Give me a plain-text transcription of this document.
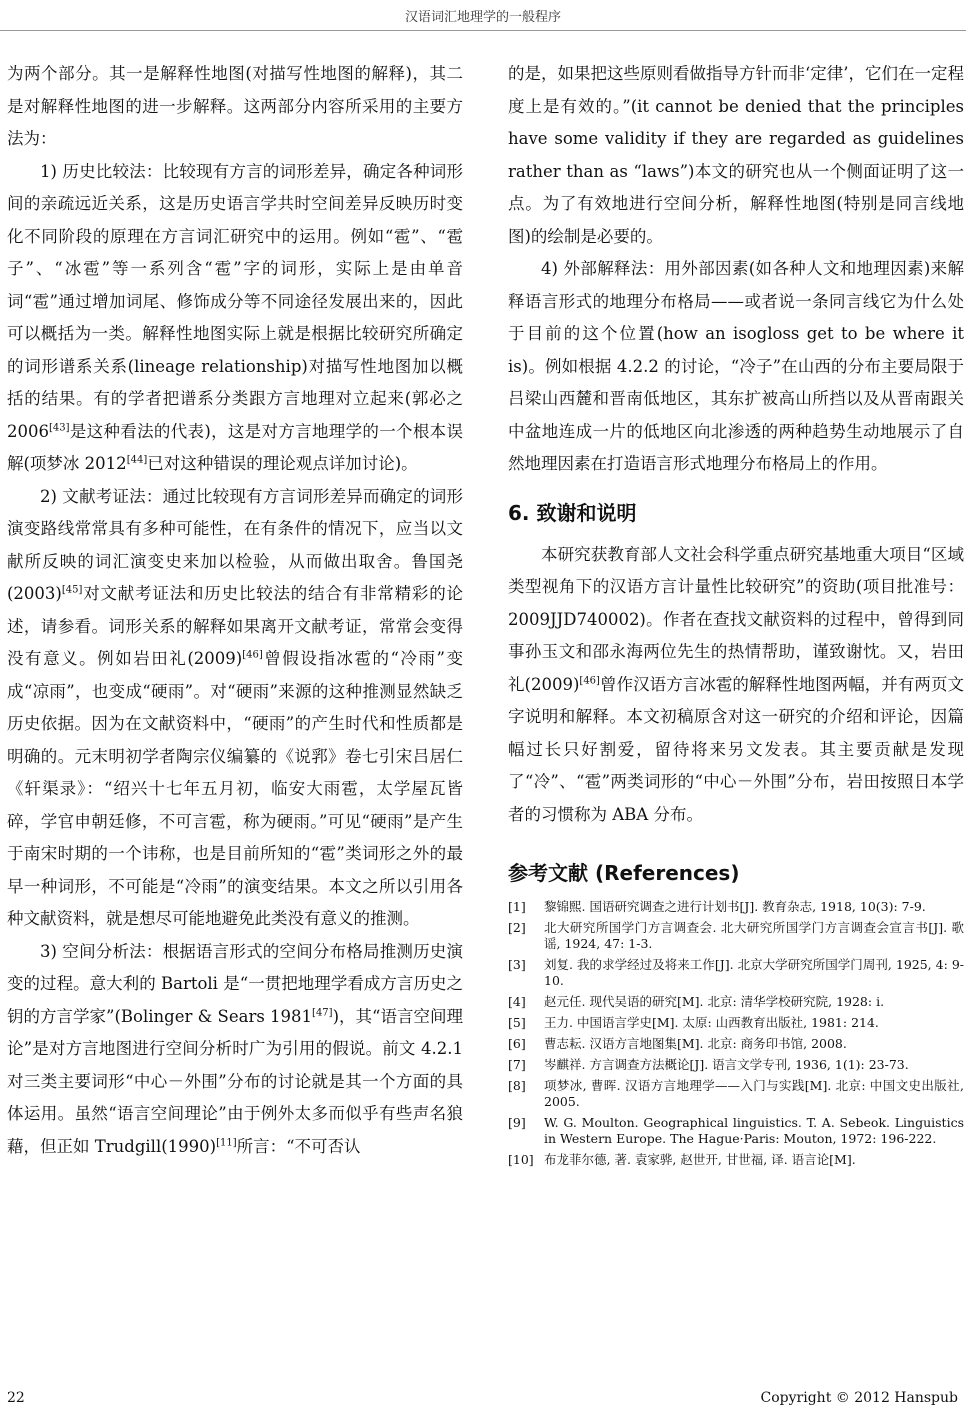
汉语词汇地理学的一般程序

为两个部分。其一是解释性地图(对描写性地图的解释)，其二是对解释性地图的进一步解释。这两部分内容所采用的主要方法为：

1) 历史比较法：比较现有方言的词形差异，确定各种词形间的亲疏远近关系，这是历史语言学共时空间差异反映历时变化不同阶段的原理在方言词汇研究中的运用。例如“雹”、“雹子”、“冰雹”等一系列含“雹”字的词形，实际上是由单音词“雹”通过增加词尾、修饰成分等不同途径发展出来的，因此可以概括为一类。解释性地图实际上就是根据比较研究所确定的词形谱系关系(lineage relationship)对描写性地图加以概括的结果。有的学者把谱系分类跟方言地理对立起来(郭必之 2006[43]是这种看法的代表)，这是对方言地理学的一个根本误解(项梦冰 2012[44]已对这种错误的理论观点详加讨论)。

2) 文献考证法：通过比较现有方言词形差异而确定的词形演变路线常常具有多种可能性，在有条件的情况下，应当以文献所反映的词汇演变史来加以检验，从而做出取舍。鲁国尧(2003)[45]对文献考证法和历史比较法的结合有非常精彩的论述，请参看。词形关系的解释如果离开文献考证，常常会变得没有意义。例如岩田礼(2009)[46]曾假设指冰雹的“冷雨”变成“凉雨”，也变成“硬雨”。对“硬雨”来源的这种推测显然缺乏历史依据。因为在文献资料中，“硬雨”的产生时代和性质都是明确的。元末明初学者陶宗仪编纂的《说郛》卷七引宋吕居仁《轩渠录》：“绍兴十七年五月初，临安大雨雹，太学屋瓦皆碎，学官申朝廷修，不可言雹，称为硬雨。”可见“硬雨”是产生于南宋时期的一个讳称，也是目前所知的“雹”类词形之外的最早一种词形，不可能是“冷雨”的演变结果。本文之所以引用各种文献资料，就是想尽可能地避免此类没有意义的推测。

3) 空间分析法：根据语言形式的空间分布格局推测历史演变的过程。意大利的 Bartoli 是“一贯把地理学看成方言历史之钥的方言学家”(Bolinger & Sears 1981[47])，其“语言空间理论”是对方言地图进行空间分析时广为引用的假说。前文 4.2.1 对三类主要词形“中心－外围”分布的讨论就是其一个方面的具体运用。虽然“语言空间理论”由于例外太多而似乎有些声名狼藉，但正如 Trudgill(1990)[11]所言：“不可否认

的是，如果把这些原则看做指导方针而非‘定律’，它们在一定程度上是有效的。”(it cannot be denied that the principles have some validity if they are regarded as guidelines rather than as “laws”)本文的研究也从一个侧面证明了这一点。为了有效地进行空间分析，解释性地图(特别是同言线地图)的绘制是必要的。

4) 外部解释法：用外部因素(如各种人文和地理因素)来解释语言形式的地理分布格局——或者说一条同言线它为什么处于目前的这个位置(how an isogloss get to be where it is)。例如根据 4.2.2 的讨论，“冷子”在山西的分布主要局限于吕梁山西麓和晋南低地区，其东扩被高山所挡以及从晋南跟关中盆地连成一片的低地区向北渗透的两种趋势生动地展示了自然地理因素在打造语言形式地理分布格局上的作用。

6. 致谢和说明

本研究获教育部人文社会科学重点研究基地重大项目“区域类型视角下的汉语方言计量性比较研究”的资助(项目批准号：2009JJD740002)。作者在查找文献资料的过程中，曾得到同事孙玉文和邵永海两位先生的热情帮助，谨致谢忱。又，岩田礼(2009)[46]曾作汉语方言冰雹的解释性地图两幅，并有两页文字说明和解释。本文初稿原含对这一研究的介绍和评论，因篇幅过长只好割爱，留待将来另文发表。其主要贡献是发现了“冷”、“雹”两类词形的“中心－外围”分布，岩田按照日本学者的习惯称为 ABA 分布。

参考文献 (References)
[1]	黎锦熙. 国语研究调查之进行计划书[J]. 教育杂志, 1918, 10(3): 7-9.
[2]	北大研究所国学门方言调查会. 北大研究所国学门方言调查会宣言书[J]. 歌谣, 1924, 47: 1-3.
[3]	刘复. 我的求学经过及将来工作[J]. 北京大学研究所国学门周刊, 1925, 4: 9-10.
[4]	赵元任. 现代吴语的研究[M]. 北京: 清华学校研究院, 1928: i.
[5]	王力. 中国语言学史[M]. 太原: 山西教育出版社, 1981: 214.
[6]	曹志耘. 汉语方言地图集[M]. 北京: 商务印书馆, 2008.
[7]	岑麒祥. 方言调查方法概论[J]. 语言文学专刊, 1936, 1(1): 23-73.
[8]	项梦冰, 曹晖. 汉语方言地理学——入门与实践[M]. 北京: 中国文史出版社, 2005.
[9]	W. G. Moulton. Geographical linguistics. T. A. Sebeok. Linguistics in Western Europe. The Hague·Paris: Mouton, 1972: 196-222.
[10] 布龙菲尔德, 著. 袁家骅, 赵世开, 甘世福, 译. 语言论[M].
22	Copyright © 2012 Hanspub
